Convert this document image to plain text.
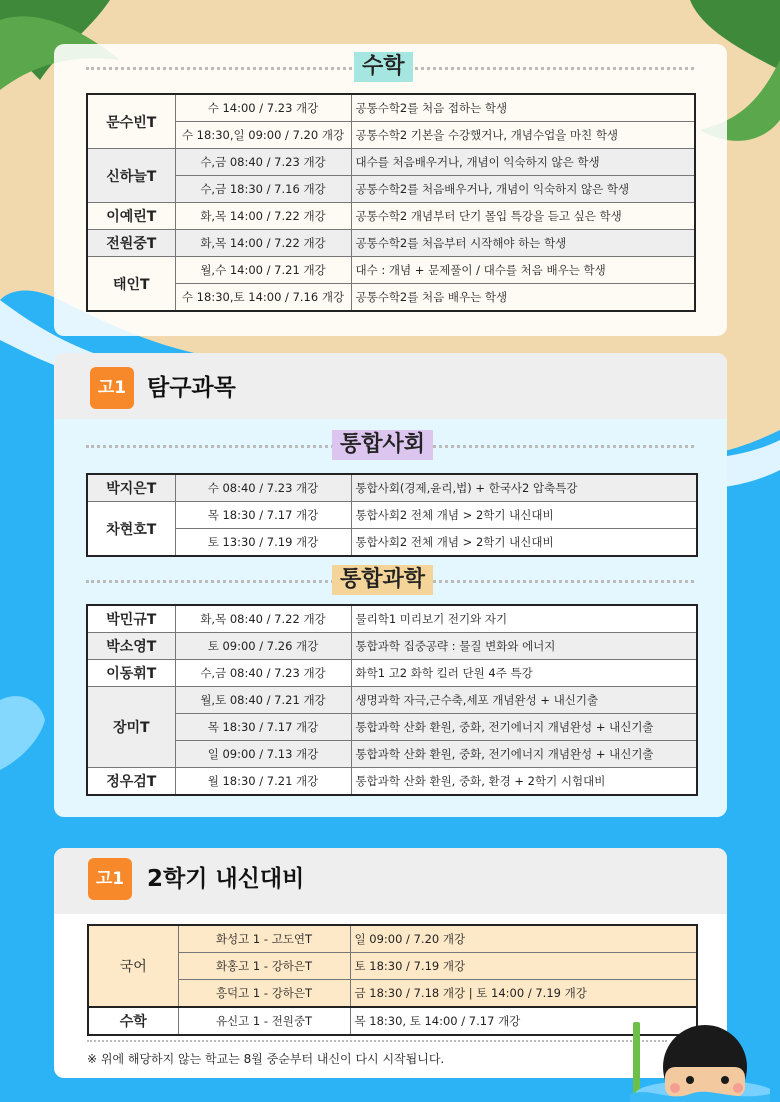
수학
문수빈T	수 14:00 / 7.23 개강	공통수학2를 처음 접하는 학생
	수 18:30,일 09:00 / 7.20 개강	공통수학2 기본을 수강했거나, 개념수업을 마친 학생
신하늘T	수,금 08:40 / 7.23 개강	대수를 처음배우거나, 개념이 익숙하지 않은 학생
	수,금 18:30 / 7.16 개강	공통수학2를 처음배우거나, 개념이 익숙하지 않은 학생
이예린T	화,목 14:00 / 7.22 개강	공통수학2 개념부터 단기 몰입 특강을 듣고 싶은 학생
전원중T	화,목 14:00 / 7.22 개강	공통수학2를 처음부터 시작해야 하는 학생
태인T	월,수 14:00 / 7.21 개강	대수 : 개념 + 문제풀이 / 대수를 처음 배우는 학생
	수 18:30,토 14:00 / 7.16 개강	공통수학2를 처음 배우는 학생
고1 탐구과목
통합사회
박지은T	수 08:40 / 7.23 개강	통합사회(경제,윤리,법) + 한국사2 압축특강
차현호T	목 18:30 / 7.17 개강	통합사회2 전체 개념 > 2학기 내신대비
	토 13:30 / 7.19 개강	통합사회2 전체 개념 > 2학기 내신대비
통합과학
박민규T	화,목 08:40 / 7.22 개강	물리학1 미리보기 전기와 자기
박소영T	토 09:00 / 7.26 개강	통합과학 집중공략 : 물질 변화와 에너지
이동휘T	수,금 08:40 / 7.23 개강	화학1 고2 화학 킬러 단원 4주 특강
장미T	월,토 08:40 / 7.21 개강	생명과학 자극,근수축,세포 개념완성 + 내신기출
	목 18:30 / 7.17 개강	통합과학 산화 환원, 중화, 전기에너지 개념완성 + 내신기출
	일 09:00 / 7.13 개강	통합과학 산화 환원, 중화, 전기에너지 개념완성 + 내신기출
정우검T	월 18:30 / 7.21 개강	통합과학 산화 환원, 중화, 환경 + 2학기 시험대비
고1 2학기 내신대비
국어	화성고 1 - 고도연T	일 09:00 / 7.20 개강
	화홍고 1 - 강하은T	토 18:30 / 7.19 개강
	흥덕고 1 - 강하은T	금 18:30 / 7.18 개강 | 토 14:00 / 7.19 개강
수학	유신고 1 - 전원중T	목 18:30, 토 14:00 / 7.17 개강
※ 위에 해당하지 않는 학교는 8월 중순부터 내신이 다시 시작됩니다.
